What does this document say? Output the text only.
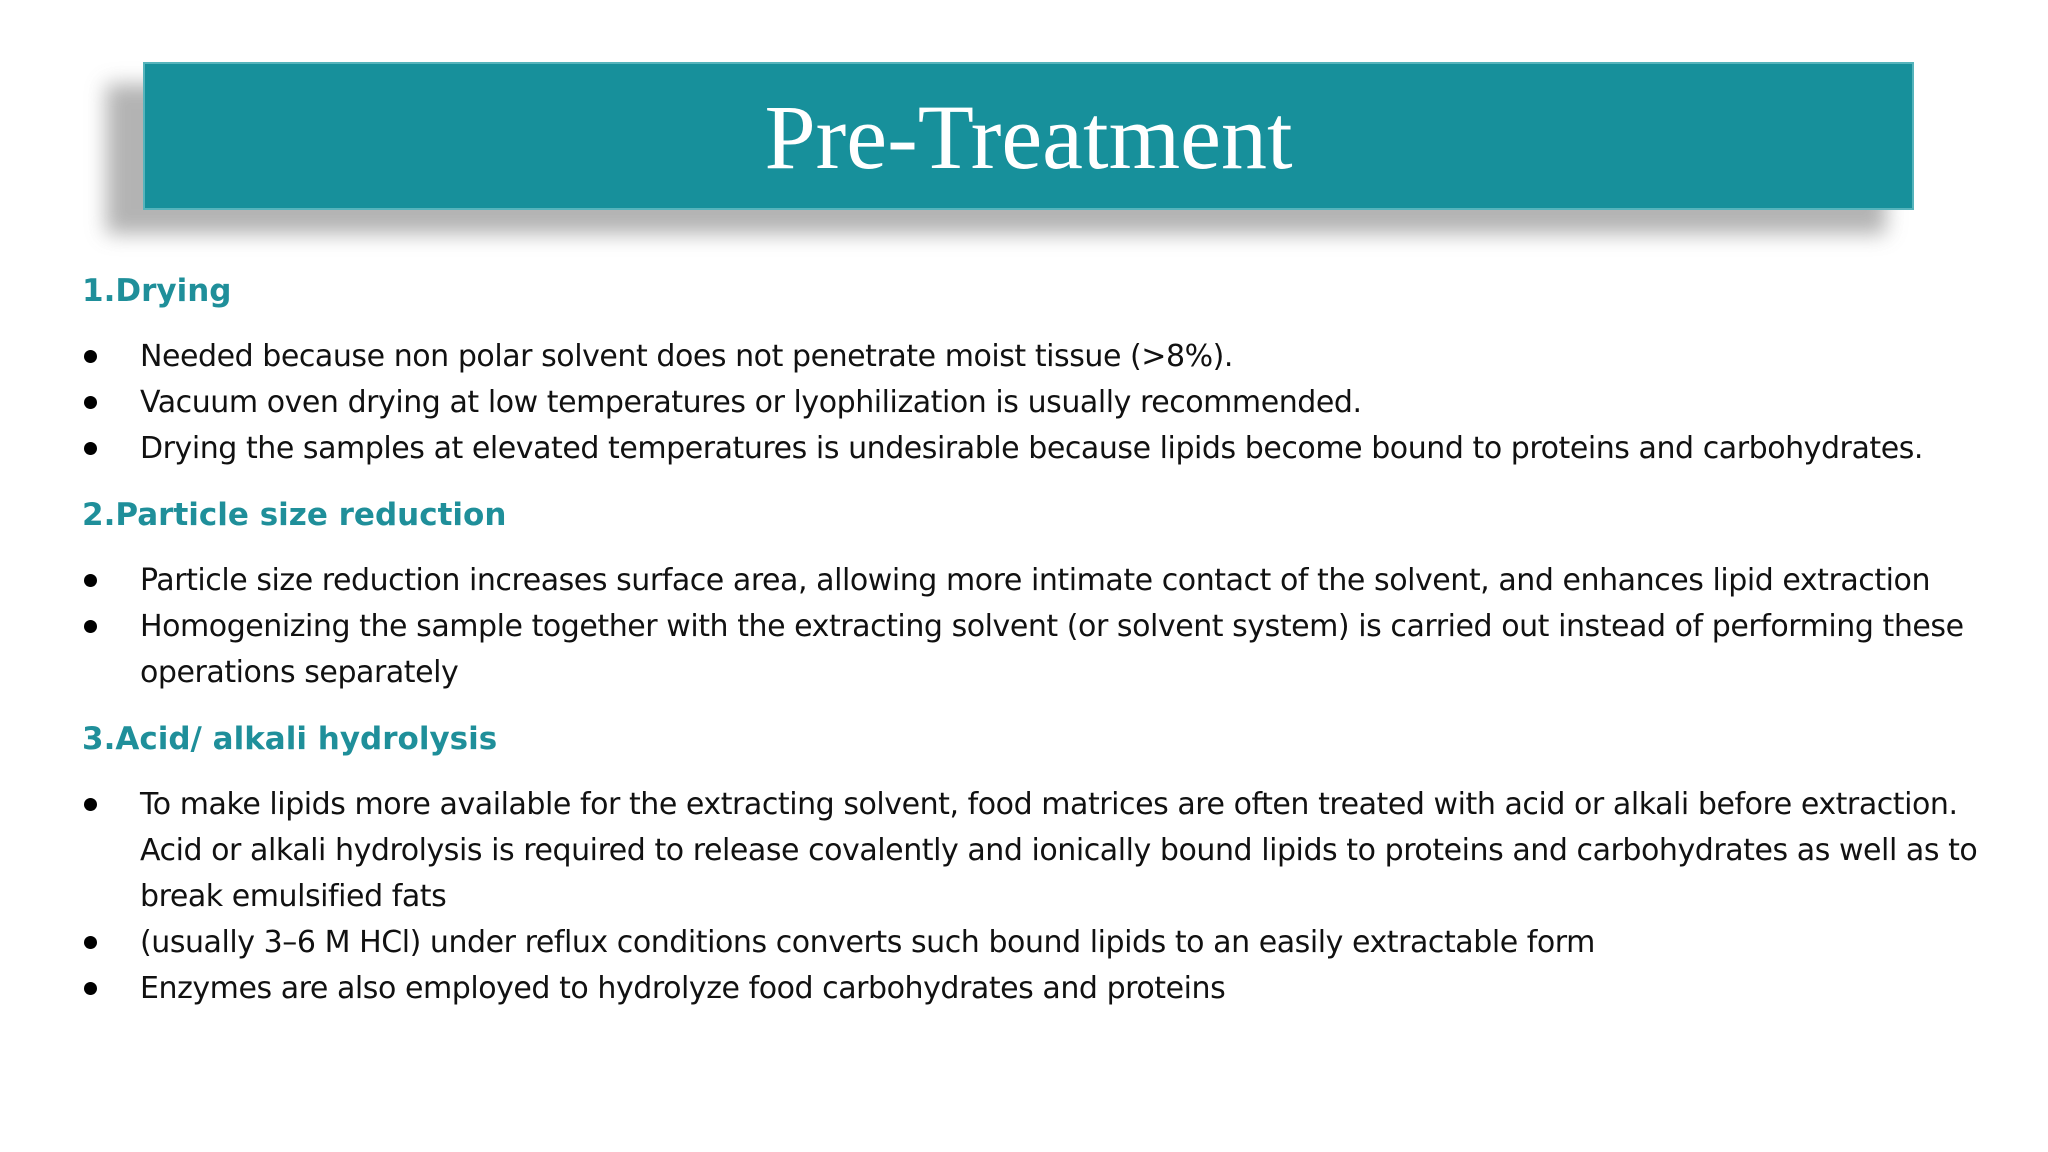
Pre-Treatment
1.Drying
Needed because non polar solvent does not penetrate moist tissue (>8%).
Vacuum oven drying at low temperatures or lyophilization is usually recommended.
Drying the samples at elevated temperatures is undesirable because lipids become bound to proteins and carbohydrates.
2.Particle size reduction
Particle size reduction increases surface area, allowing more intimate contact of the solvent, and enhances lipid extraction
Homogenizing the sample together with the extracting solvent (or solvent system) is carried out instead of performing these operations separately
3.Acid/ alkali hydrolysis
To make lipids more available for the extracting solvent, food matrices are often treated with acid or alkali before extraction. Acid or alkali hydrolysis is required to release covalently and ionically bound lipids to proteins and carbohydrates as well as to break emulsified fats
(usually 3–6 M HCl) under reflux conditions converts such bound lipids to an easily extractable form
Enzymes are also employed to hydrolyze food carbohydrates and proteins
